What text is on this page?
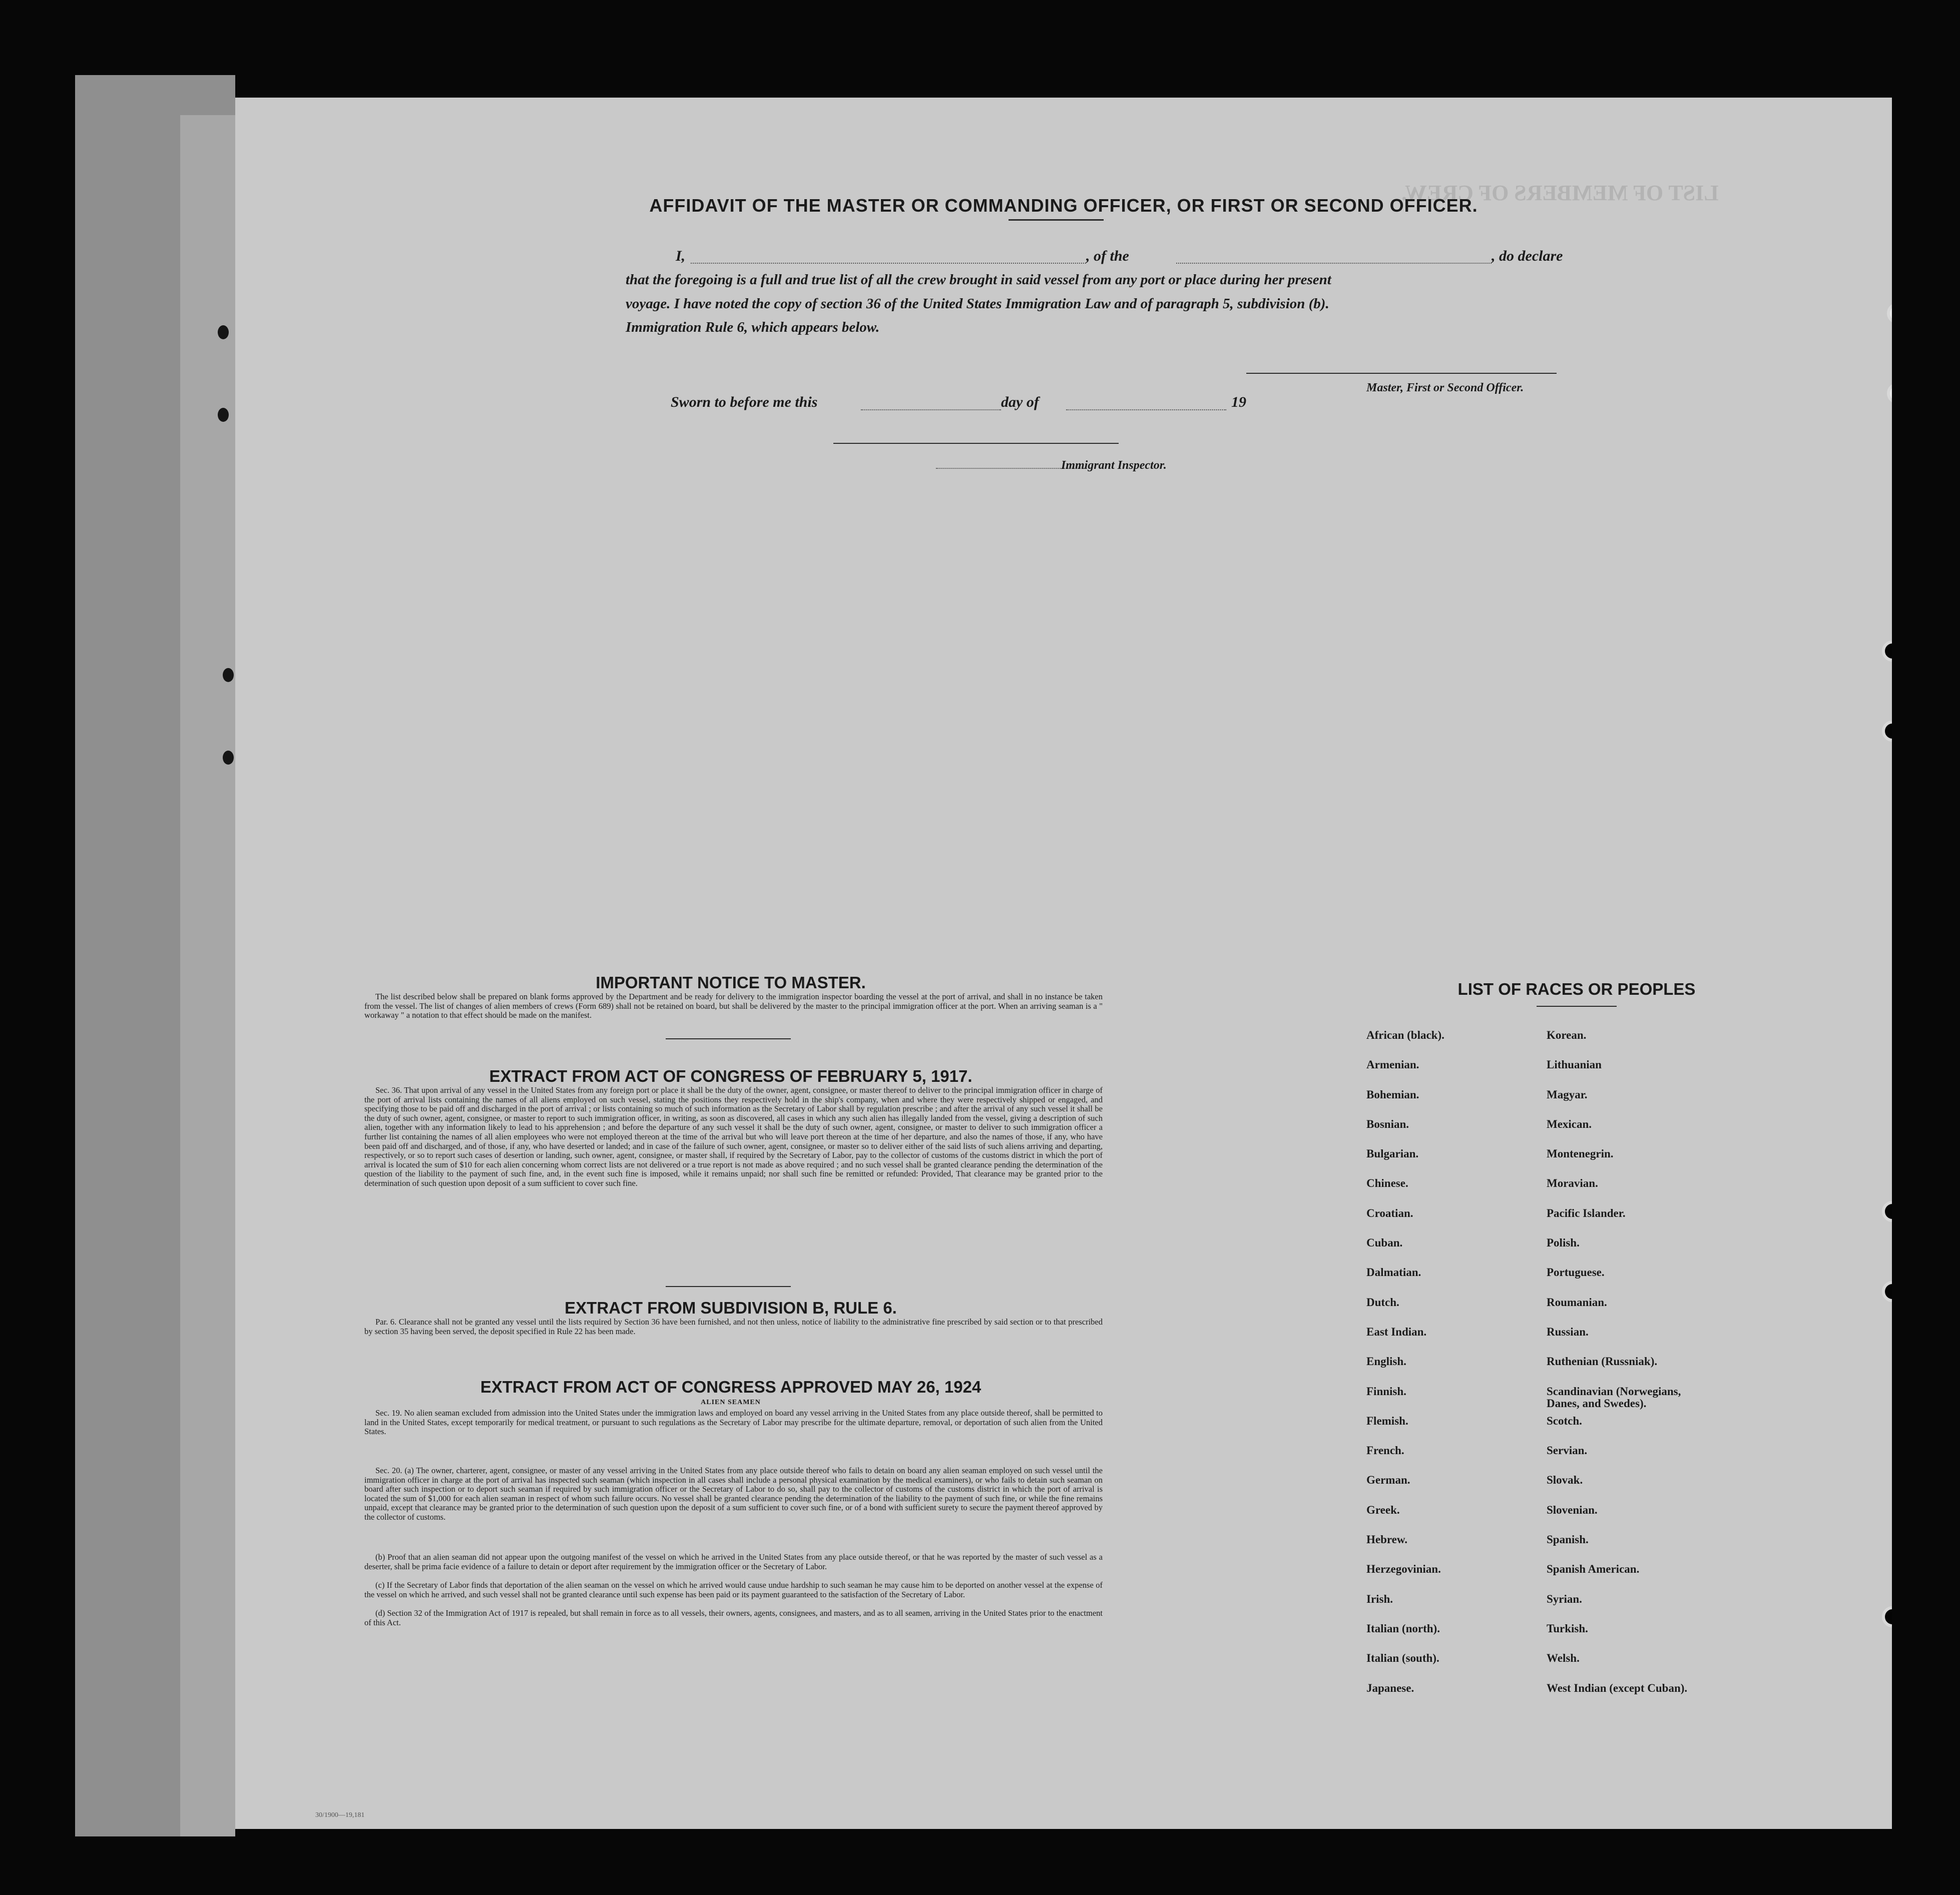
LIST OF MEMBERS OF CREW.
AFFIDAVIT OF THE MASTER OR COMMANDING OFFICER, OR FIRST OR SECOND OFFICER.
I,	, of the	, do declare
that the foregoing is a full and true list of all the crew brought in said vessel from any port or place during her present
voyage. I have noted the copy of section 36 of the United States Immigration Law and of paragraph 5, subdivision (b).
Immigration Rule 6, which appears below.
Master, First or Second Officer.
Sworn to before me this	day of	19
Immigrant Inspector.
IMPORTANT NOTICE TO MASTER.
The list described below shall be prepared on blank forms approved by the Department and be ready for delivery to the immigration inspector boarding the vessel at the port of arrival, and shall in no instance be taken from the vessel. The list of changes of alien members of crews (Form 689) shall not be retained on board, but shall be delivered by the master to the principal immigration officer at the port. When an arriving seaman is a " workaway " a notation to that effect should be made on the manifest.
EXTRACT FROM ACT OF CONGRESS OF FEBRUARY 5, 1917.
Sec. 36. That upon arrival of any vessel in the United States from any foreign port or place it shall be the duty of the owner, agent, consignee, or master thereof to deliver to the principal immigration officer in charge of the port of arrival lists containing the names of all aliens employed on such vessel, stating the positions they respectively hold in the ship's company, when and where they were respectively shipped or engaged, and specifying those to be paid off and discharged in the port of arrival ; or lists containing so much of such information as the Secretary of Labor shall by regulation prescribe ; and after the arrival of any such vessel it shall be the duty of such owner, agent, consignee, or master to report to such immigration officer, in writing, as soon as discovered, all cases in which any such alien has illegally landed from the vessel, giving a description of such alien, together with any information likely to lead to his apprehension ; and before the departure of any such vessel it shall be the duty of such owner, agent, consignee, or master to deliver to such immigration officer a further list containing the names of all alien employees who were not employed thereon at the time of the arrival but who will leave port thereon at the time of her departure, and also the names of those, if any, who have been paid off and discharged, and of those, if any, who have deserted or landed; and in case of the failure of such owner, agent, consignee, or master so to deliver either of the said lists of such aliens arriving and departing, respectively, or so to report such cases of desertion or landing, such owner, agent, consignee, or master shall, if required by the Secretary of Labor, pay to the collector of customs of the customs district in which the port of arrival is located the sum of $10 for each alien concerning whom correct lists are not delivered or a true report is not made as above required ; and no such vessel shall be granted clearance pending the determination of the question of the liability to the payment of such fine, and, in the event such fine is imposed, while it remains unpaid; nor shall such fine be remitted or refunded: Provided, That clearance may be granted prior to the determination of such question upon deposit of a sum sufficient to cover such fine.
EXTRACT FROM SUBDIVISION B, RULE 6.
Par. 6. Clearance shall not be granted any vessel until the lists required by Section 36 have been furnished, and not then unless, notice of liability to the administrative fine prescribed by said section or to that prescribed by section 35 having been served, the deposit specified in Rule 22 has been made.
EXTRACT FROM ACT OF CONGRESS APPROVED MAY 26, 1924
ALIEN SEAMEN
Sec. 19. No alien seaman excluded from admission into the United States under the immigration laws and employed on board any vessel arriving in the United States from any place outside thereof, shall be permitted to land in the United States, except temporarily for medical treatment, or pursuant to such regulations as the Secretary of Labor may prescribe for the ultimate departure, removal, or deportation of such alien from the United States.
Sec. 20. (a) The owner, charterer, agent, consignee, or master of any vessel arriving in the United States from any place outside thereof who fails to detain on board any alien seaman employed on such vessel until the immigration officer in charge at the port of arrival has inspected such seaman (which inspection in all cases shall include a personal physical examination by the medical examiners), or who fails to detain such seaman on board after such inspection or to deport such seaman if required by such immigration officer or the Secretary of Labor to do so, shall pay to the collector of customs of the customs district in which the port of arrival is located the sum of $1,000 for each alien seaman in respect of whom such failure occurs. No vessel shall be granted clearance pending the determination of the liability to the payment of such fine, or while the fine remains unpaid, except that clearance may be granted prior to the determination of such question upon the deposit of a sum sufficient to cover such fine, or of a bond with sufficient surety to secure the payment thereof approved by the collector of customs.
(b) Proof that an alien seaman did not appear upon the outgoing manifest of the vessel on which he arrived in the United States from any place outside thereof, or that he was reported by the master of such vessel as a deserter, shall be prima facie evidence of a failure to detain or deport after requirement by the immigration officer or the Secretary of Labor.
(c) If the Secretary of Labor finds that deportation of the alien seaman on the vessel on which he arrived would cause undue hardship to such seaman he may cause him to be deported on another vessel at the expense of the vessel on which he arrived, and such vessel shall not be granted clearance until such expense has been paid or its payment guaranteed to the satisfaction of the Secretary of Labor.
(d) Section 32 of the Immigration Act of 1917 is repealed, but shall remain in force as to all vessels, their owners, agents, consignees, and masters, and as to all seamen, arriving in the United States prior to the enactment of this Act.
LIST OF RACES OR PEOPLES
African (black).
Armenian.
Bohemian.
Bosnian.
Bulgarian.
Chinese.
Croatian.
Cuban.
Dalmatian.
Dutch.
East Indian.
English.
Finnish.
Flemish.
French.
German.
Greek.
Hebrew.
Herzegovinian.
Irish.
Italian (north).
Italian (south).
Japanese.
Korean.
Lithuanian
Magyar.
Mexican.
Montenegrin.
Moravian.
Pacific Islander.
Polish.
Portuguese.
Roumanian.
Russian.
Ruthenian (Russniak).
Scandinavian (Norwegians, Danes, and Swedes).
Scotch.
Servian.
Slovak.
Slovenian.
Spanish.
Spanish American.
Syrian.
Turkish.
Welsh.
West Indian (except Cuban).
30/1900—19,181
